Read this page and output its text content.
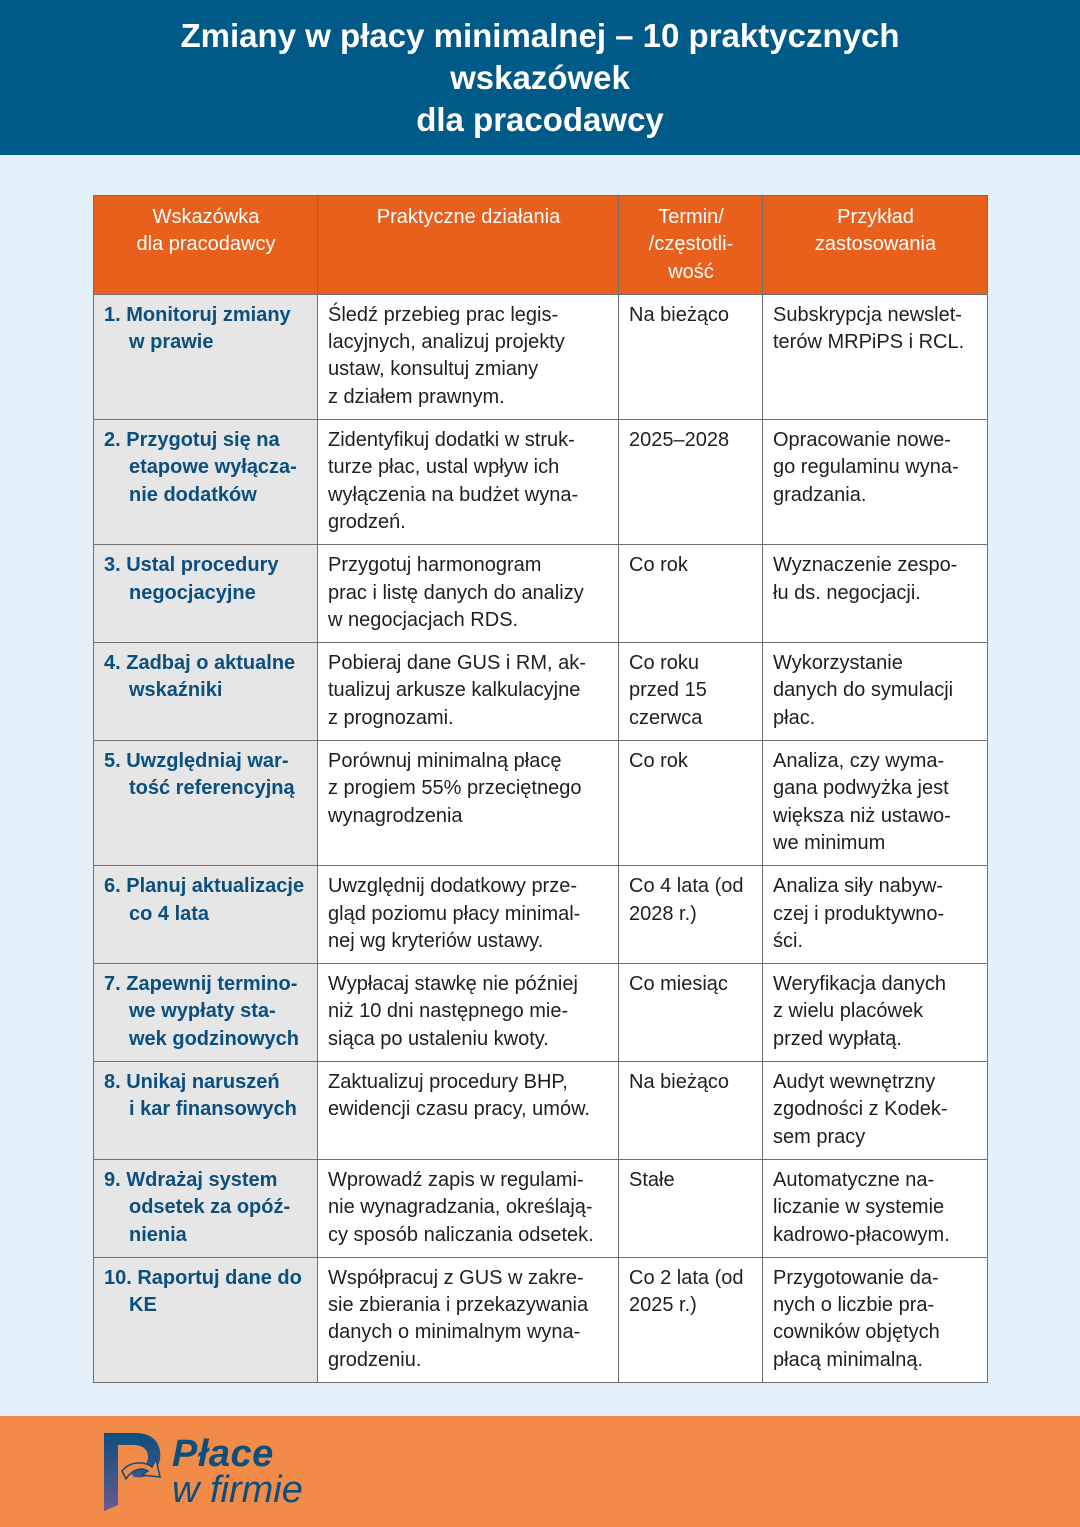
Zmiany w płacy minimalnej – 10 praktycznych wskazówek
dla pracodawcy
Wskazówka
dla pracodawcy	Praktyczne działania	Termin/
/częstotli-
wość	Przykład
zastosowania

1. Monitoruj zmiany
w prawie	Śledź przebieg prac legis-
lacyjnych, analizuj projekty
ustaw, konsultuj zmiany
z działem prawnym.	Na bieżąco	Subskrypcja newslet-
terów MRPiPS i RCL.

2. Przygotuj się na
etapowe wyłącza-
nie dodatków	Zidentyfikuj dodatki w struk-
turze płac, ustal wpływ ich
wyłączenia na budżet wyna-
grodzeń.	2025–2028	Opracowanie nowe-
go regulaminu wyna-
gradzania.

3. Ustal procedury
negocjacyjne	Przygotuj harmonogram
prac i listę danych do analizy
w negocjacjach RDS.	Co rok	Wyznaczenie zespo-
łu ds. negocjacji.

4. Zadbaj o aktualne
wskaźniki	Pobieraj dane GUS i RM, ak-
tualizuj arkusze kalkulacyjne
z prognozami.	Co roku
przed 15
czerwca	Wykorzystanie
danych do symulacji
płac.

5. Uwzględniaj war-
tość referencyjną	Porównuj minimalną płacę
z progiem 55% przeciętnego
wynagrodzenia	Co rok	Analiza, czy wyma-
gana podwyżka jest
większa niż ustawo-
we minimum

6. Planuj aktualizacje
co 4 lata	Uwzględnij dodatkowy prze-
gląd poziomu płacy minimal-
nej wg kryteriów ustawy.	Co 4 lata (od
2028 r.)	Analiza siły nabyw-
czej i produktywno-
ści.

7. Zapewnij termino-
we wypłaty sta-
wek godzinowych	Wypłacaj stawkę nie później
niż 10 dni następnego mie-
siąca po ustaleniu kwoty.	Co miesiąc	Weryfikacja danych
z wielu placówek
przed wypłatą.

8. Unikaj naruszeń
i kar finansowych	Zaktualizuj procedury BHP,
ewidencji czasu pracy, umów.	Na bieżąco	Audyt wewnętrzny
zgodności z Kodek-
sem pracy

9. Wdrażaj system
odsetek za opóź-
nienia	Wprowadź zapis w regulami-
nie wynagradzania, określają-
cy sposób naliczania odsetek.	Stałe	Automatyczne na-
liczanie w systemie
kadrowo-płacowym.

10. Raportuj dane do
KE	Współpracuj z GUS w zakre-
sie zbierania i przekazywania
danych o minimalnym wyna-
grodzeniu.	Co 2 lata (od
2025 r.)	Przygotowanie da-
nych o liczbie pra-
cowników objętych
płacą minimalną.
Płace
w firmie
